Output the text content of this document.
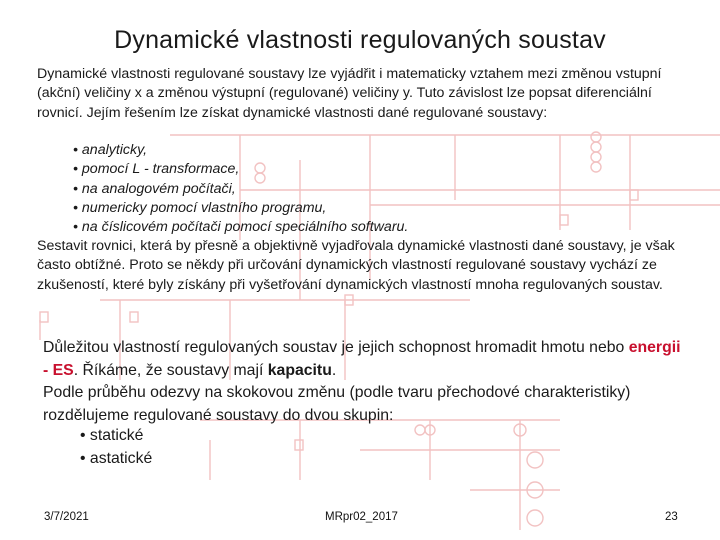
Dynamické vlastnosti regulovaných soustav
Dynamické vlastnosti regulované soustavy lze vyjádřit i matematicky vztahem mezi změnou vstupní (akční) veličiny x a změnou výstupní (regulované) veličiny y. Tuto závislost lze popsat diferenciální rovnicí. Jejím řešením lze získat dynamické vlastnosti dané regulované soustavy:
• analyticky,
• pomocí L - transformace,
• na analogovém počítači,
• numericky pomocí vlastního programu,
• na číslicovém počítači pomocí speciálního softwaru.
Sestavit rovnici, která by přesně a objektivně vyjadřovala dynamické vlastnosti dané soustavy, je však často obtížné. Proto se někdy při určování dynamických vlastností regulované soustavy vychází ze zkušeností, které byly získány při vyšetřování dynamických vlastností mnoha regulovaných soustav.
Důležitou vlastností regulovaných soustav je jejich schopnost hromadit hmotu nebo energii - ES. Říkáme, že soustavy mají kapacitu.
Podle průběhu odezvy na skokovou změnu (podle tvaru přechodové charakteristiky) rozdělujeme regulované soustavy do dvou skupin:
• statické
• astatické
3/7/2021	MRpr02_2017	23
